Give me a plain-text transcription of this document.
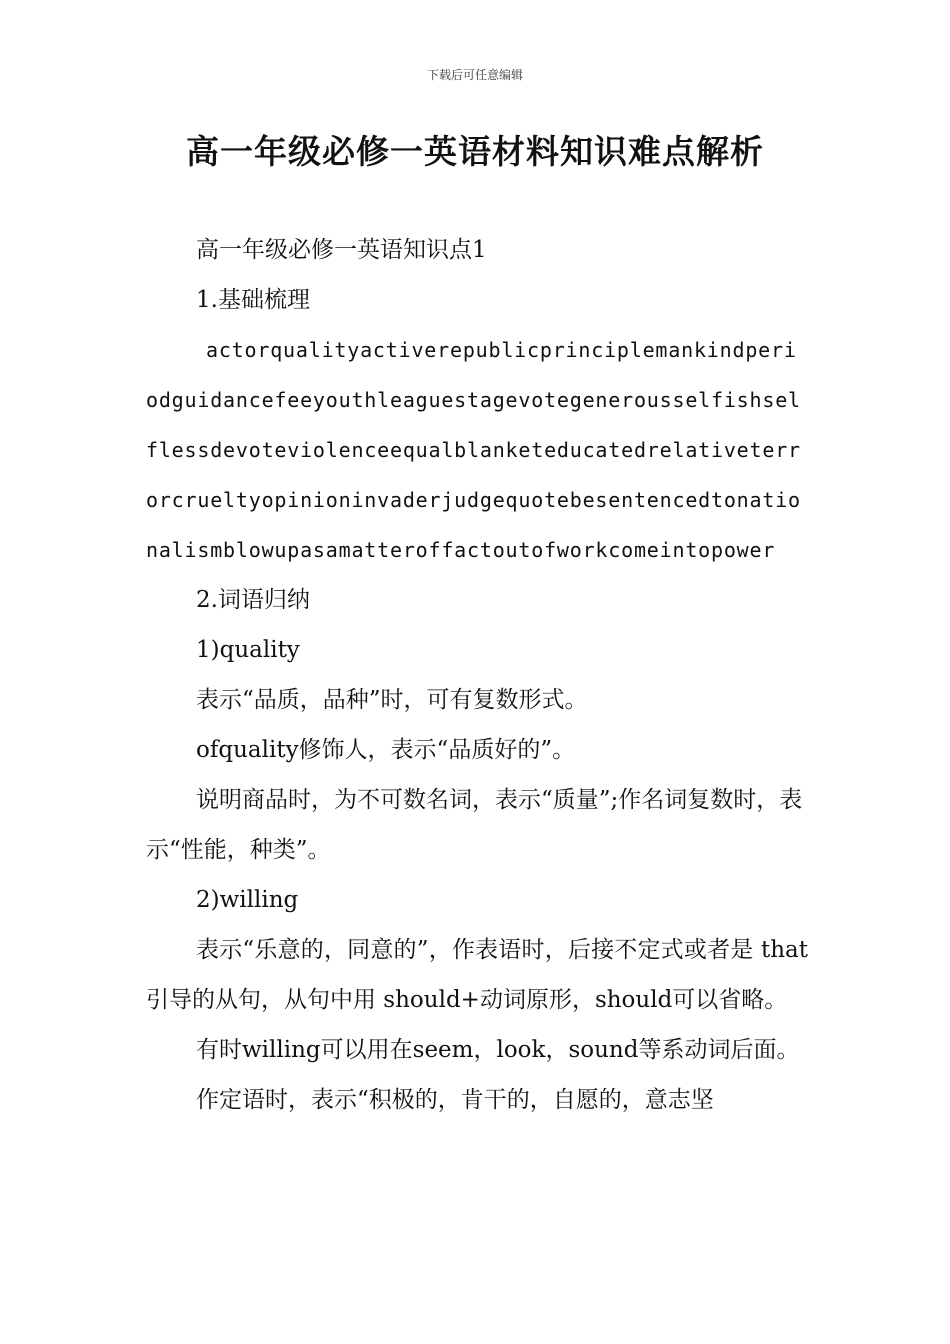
下载后可任意编辑
高一年级必修一英语材料知识难点解析

高一年级必修一英语知识点1

1.基础梳理

actorqualityactiverepublicprinciplemankindperiodguidancefeeyouthleaguestagevotegenerousselfishselflessdevoteviolenceequalblanketeducatedrelativeterrorcrueltyopinioninvaderjudgequotebesentencedtonationalismblowupasamatteroffactoutofworkcomeintopower

2.词语归纳

1)quality

表示“品质，品种”时，可有复数形式。

ofquality修饰人，表示“品质好的”。

说明商品时，为不可数名词，表示“质量”;作名词复数时，表示“性能，种类”。

2)willing

表示“乐意的，同意的”，作表语时，后接不定式或者是 that 引导的从句，从句中用 should+动词原形，should可以省略。

有时willing可以用在seem，look，sound等系动词后面。

作定语时，表示“积极的，肯干的，自愿的，意志坚
